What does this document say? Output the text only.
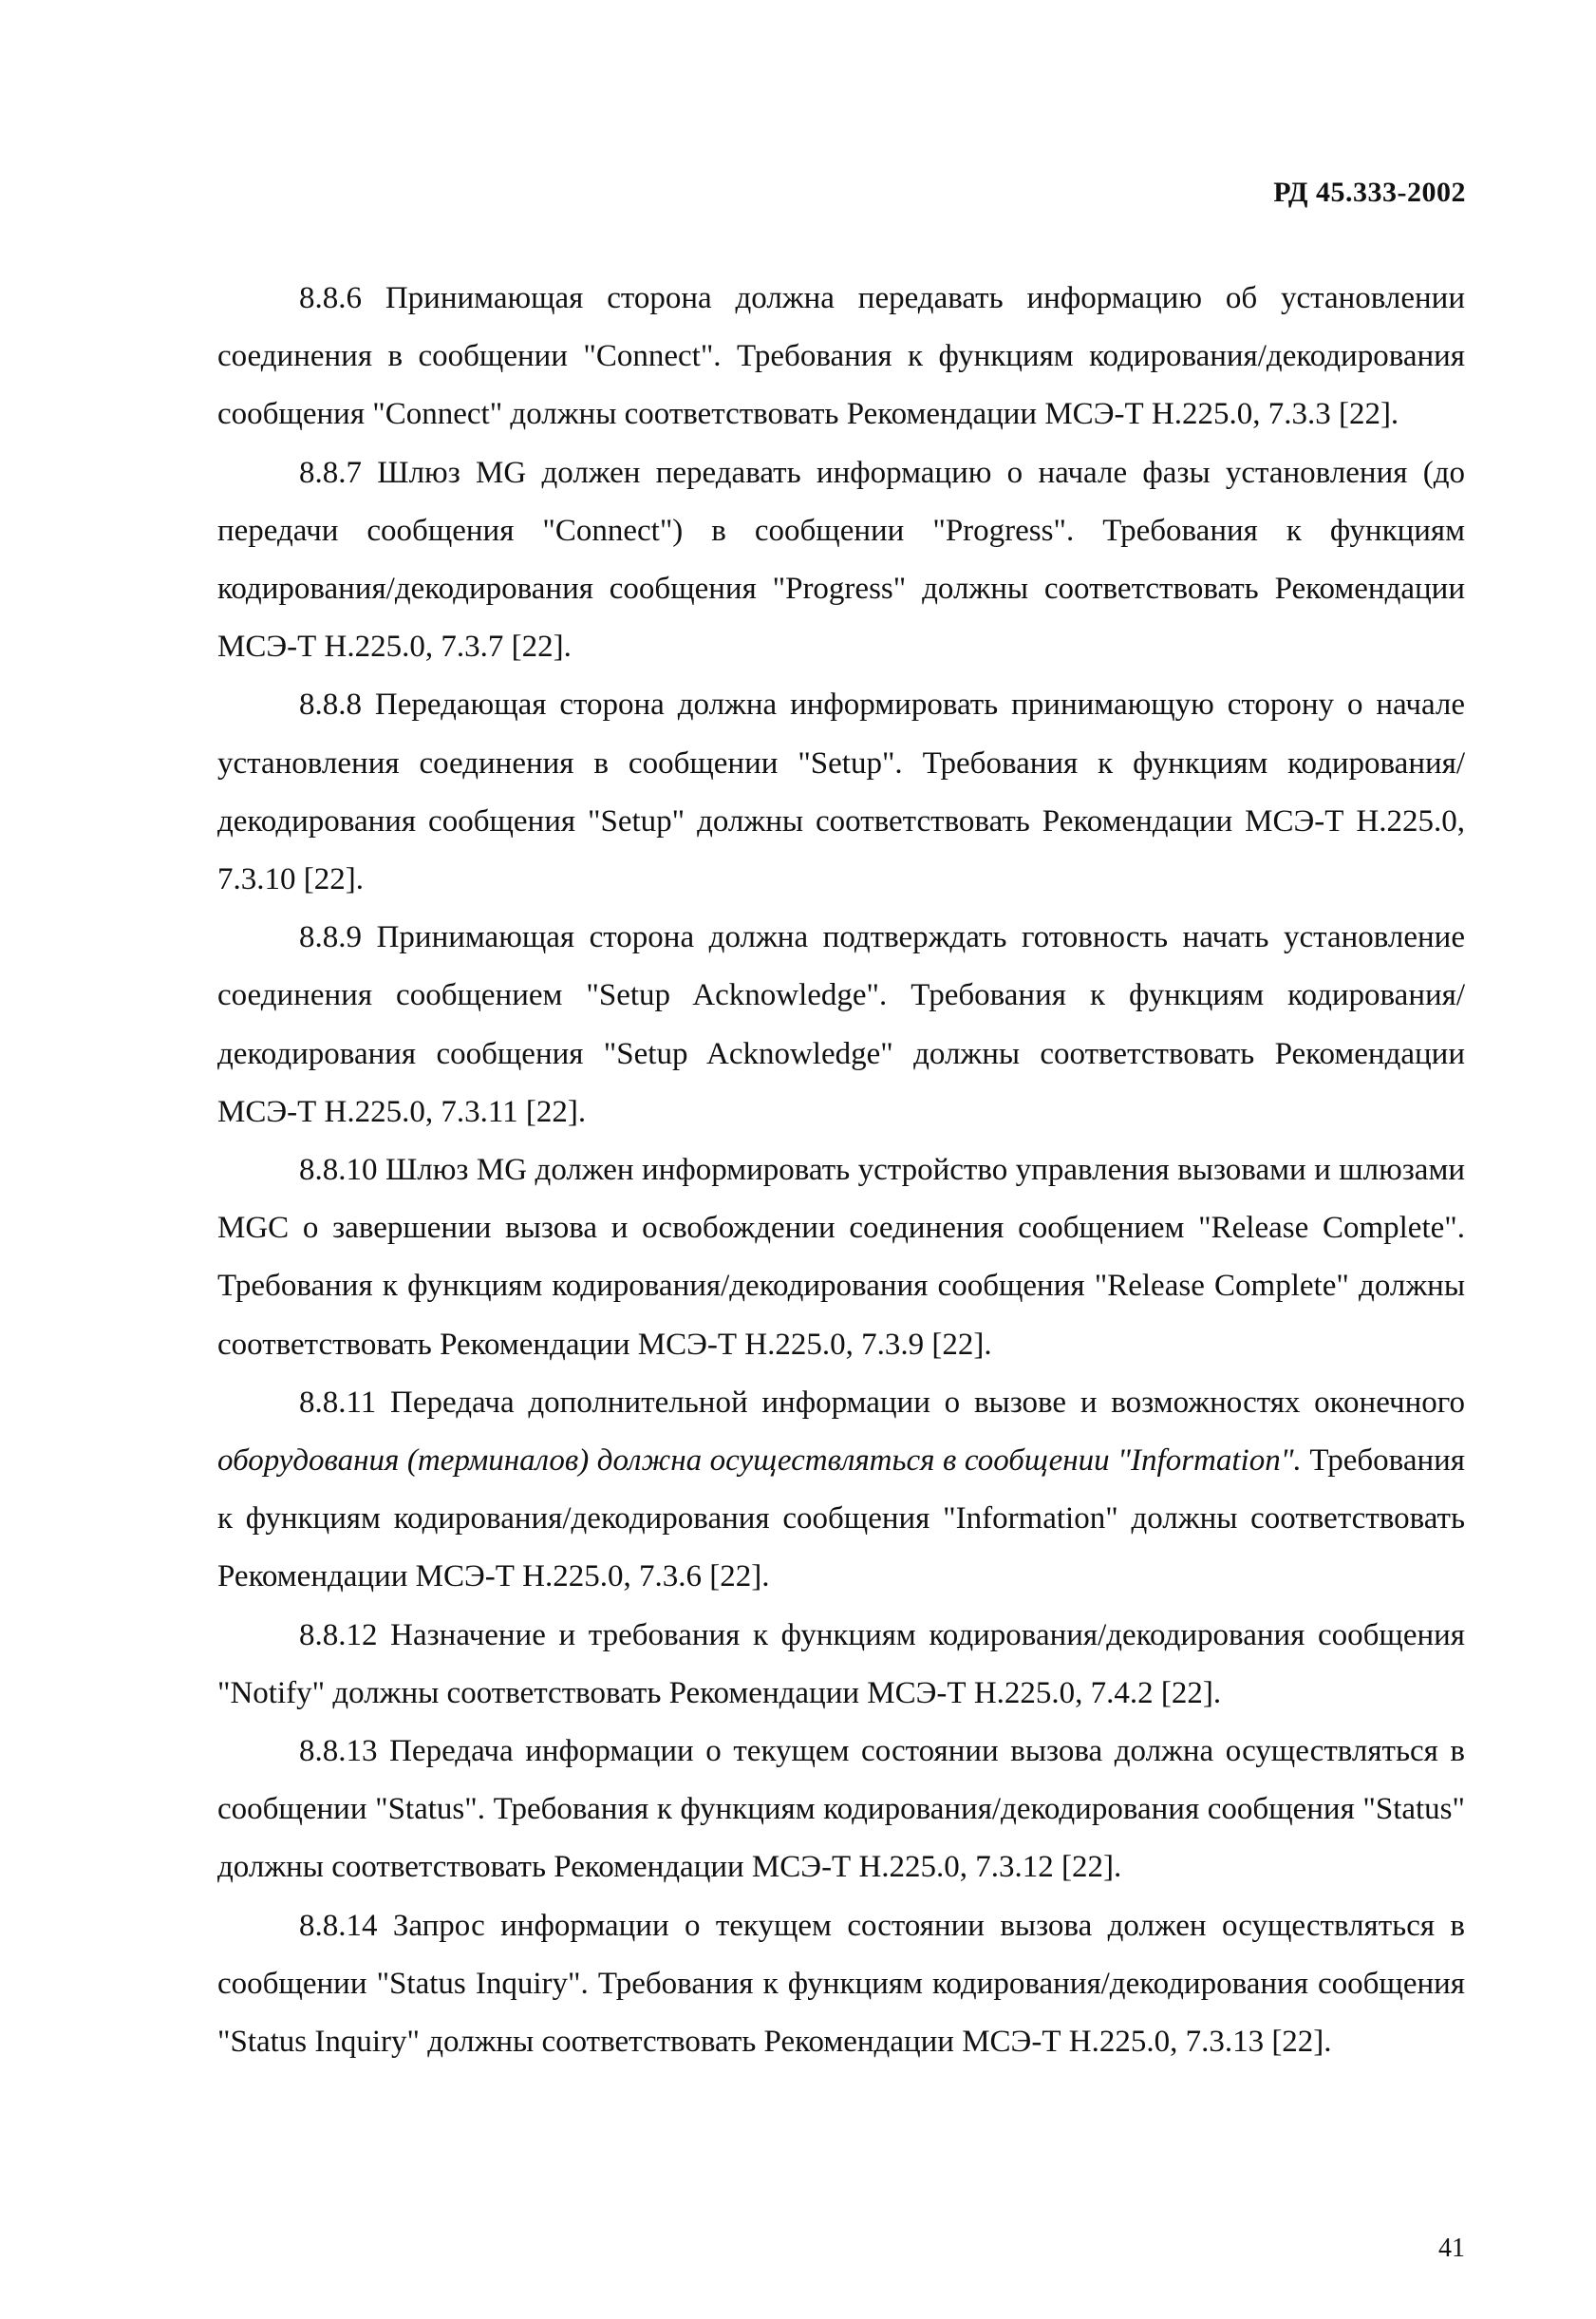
РД 45.333-2002

8.8.6 Принимающая сторона должна передавать информацию об установлении соединения в сообщении "Connect". Требования к функциям кодирования/декодирования сообщения "Connect" должны соответствовать Рекомендации МСЭ-Т H.225.0, 7.3.3 [22].

8.8.7 Шлюз MG должен передавать информацию о начале фазы установления (до передачи сообщения "Connect") в сообщении "Progress". Требования к функциям кодирования/декодирования сообщения "Progress" должны соответствовать Рекомендации МСЭ-Т H.225.0, 7.3.7 [22].

8.8.8 Передающая сторона должна информировать принимающую сторону о начале установления соединения в сообщении "Setup". Требования к функциям кодирования/декодирования сообщения "Setup" должны соответствовать Рекомендации МСЭ-Т H.225.0, 7.3.10 [22].

8.8.9 Принимающая сторона должна подтверждать готовность начать установление соединения сообщением "Setup Acknowledge". Требования к функциям кодирования/декодирования сообщения "Setup Acknowledge" должны соответствовать Рекомендации МСЭ-Т H.225.0, 7.3.11 [22].

8.8.10 Шлюз MG должен информировать устройство управления вызовами и шлюзами MGC о завершении вызова и освобождении соединения сообщением "Release Complete". Требования к функциям кодирования/декодирования сообщения "Release Complete" должны соответствовать Рекомендации МСЭ-Т H.225.0, 7.3.9 [22].

8.8.11 Передача дополнительной информации о вызове и возможностях оконечного оборудования (терминалов) должна осуществляться в сообщении "Information". Требования к функциям кодирования/декодирования сообщения "Information" должны соответствовать Рекомендации МСЭ-Т H.225.0, 7.3.6 [22].

8.8.12 Назначение и требования к функциям кодирования/декодирования сообщения "Notify" должны соответствовать Рекомендации МСЭ-Т H.225.0, 7.4.2 [22].

8.8.13 Передача информации о текущем состоянии вызова должна осуществляться в сообщении "Status". Требования к функциям кодирования/декодирования сообщения "Status" должны соответствовать Рекомендации МСЭ-Т H.225.0, 7.3.12 [22].

8.8.14 Запрос информации о текущем состоянии вызова должен осуществляться в сообщении "Status Inquiry". Требования к функциям кодирования/декодирования сообщения "Status Inquiry" должны соответствовать Рекомендации МСЭ-Т H.225.0, 7.3.13 [22].

41
